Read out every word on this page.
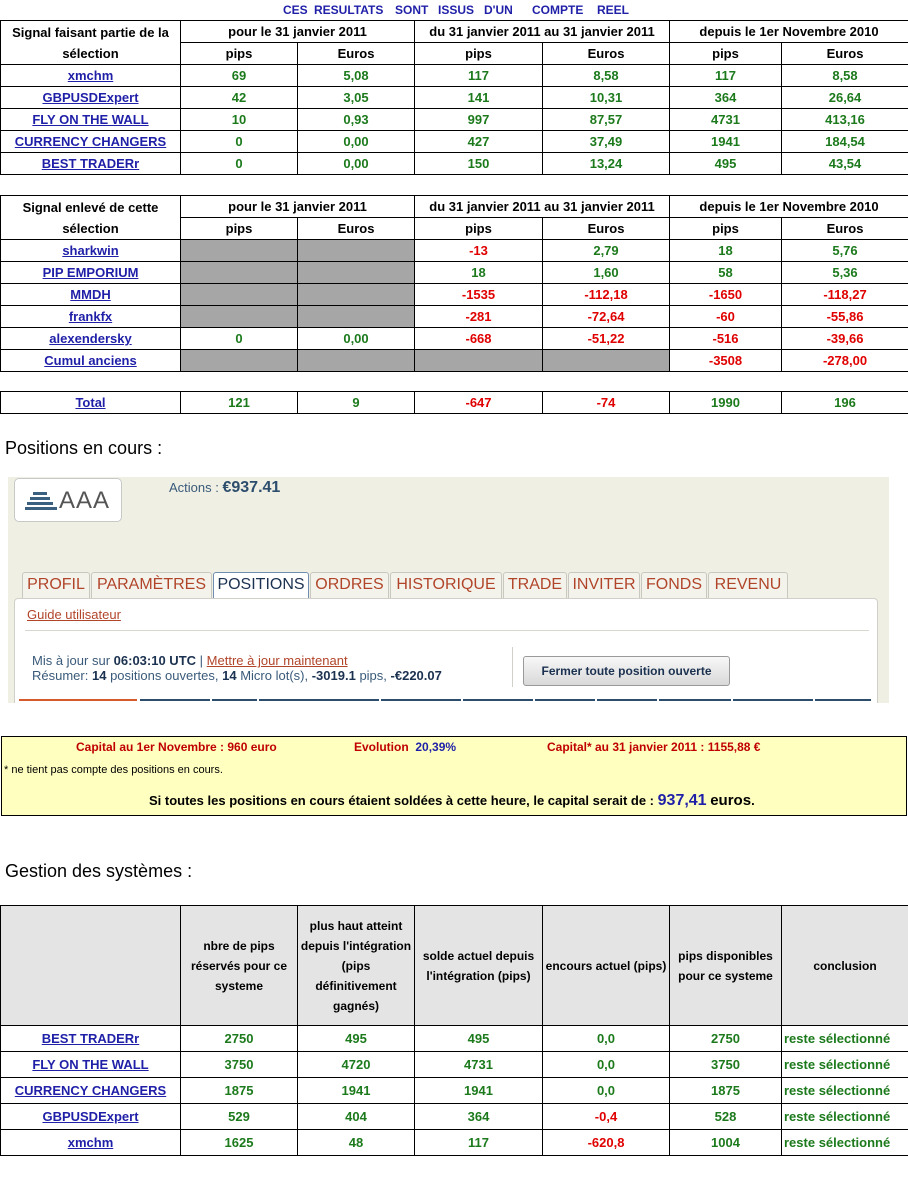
CES RESULTATS SONT ISSUS D'UN COMPTE REEL
Signal faisant partie de la
sélection	pour le 31 janvier 2011		du 31 janvier 2011 au 31 janvier 2011		depuis le 1er Novembre 2010	
	pips	Euros	pips	Euros	pips	Euros
xmchm	69	5,08	117	8,58	117	8,58
GBPUSDExpert	42	3,05	141	10,31	364	26,64
FLY ON THE WALL	10	0,93	997	87,57	4731	413,16
CURRENCY CHANGERS	0	0,00	427	37,49	1941	184,54
BEST TRADERr	0	0,00	150	13,24	495	43,54
Signal enlevé de cette
sélection	pour le 31 janvier 2011		du 31 janvier 2011 au 31 janvier 2011		depuis le 1er Novembre 2010	
	pips	Euros	pips	Euros	pips	Euros
sharkwin			-13	2,79	18	5,76
PIP EMPORIUM			18	1,60	58	5,36
MMDH			-1535	-112,18	-1650	-118,27
frankfx			-281	-72,64	-60	-55,86
alexendersky	0	0,00	-668	-51,22	-516	-39,66
Cumul anciens					-3508	-278,00
Total	121	9	-647	-74	1990	196
Positions en cours :
AAA	Actions : €937.41
PROFIL PARAMÈTRES POSITIONS ORDRES HISTORIQUE TRADE INVITER FONDS REVENU
Guide utilisateur
Mis à jour sur 06:03:10 UTC | Mettre à jour maintenant
Résumer: 14 positions ouvertes, 14 Micro lot(s), -3019.1 pips, -€220.07	Fermer toute position ouverte
Capital au 1er Novembre : 960 euro	Evolution 20,39%	Capital* au 31 janvier 2011 : 1155,88 €
* ne tient pas compte des positions en cours.
Si toutes les positions en cours étaient soldées à cette heure, le capital serait de : 937,41 euros.
Gestion des systèmes :
	nbre de pips réservés pour ce systeme	plus haut atteint depuis l'intégration (pips définitivement gagnés)	solde actuel depuis l'intégration (pips)	encours actuel (pips)	pips disponibles pour ce systeme	conclusion
BEST TRADERr	2750	495	495	0,0	2750	reste sélectionné
FLY ON THE WALL	3750	4720	4731	0,0	3750	reste sélectionné
CURRENCY CHANGERS	1875	1941	1941	0,0	1875	reste sélectionné
GBPUSDExpert	529	404	364	-0,4	528	reste sélectionné
xmchm	1625	48	117	-620,8	1004	reste sélectionné
